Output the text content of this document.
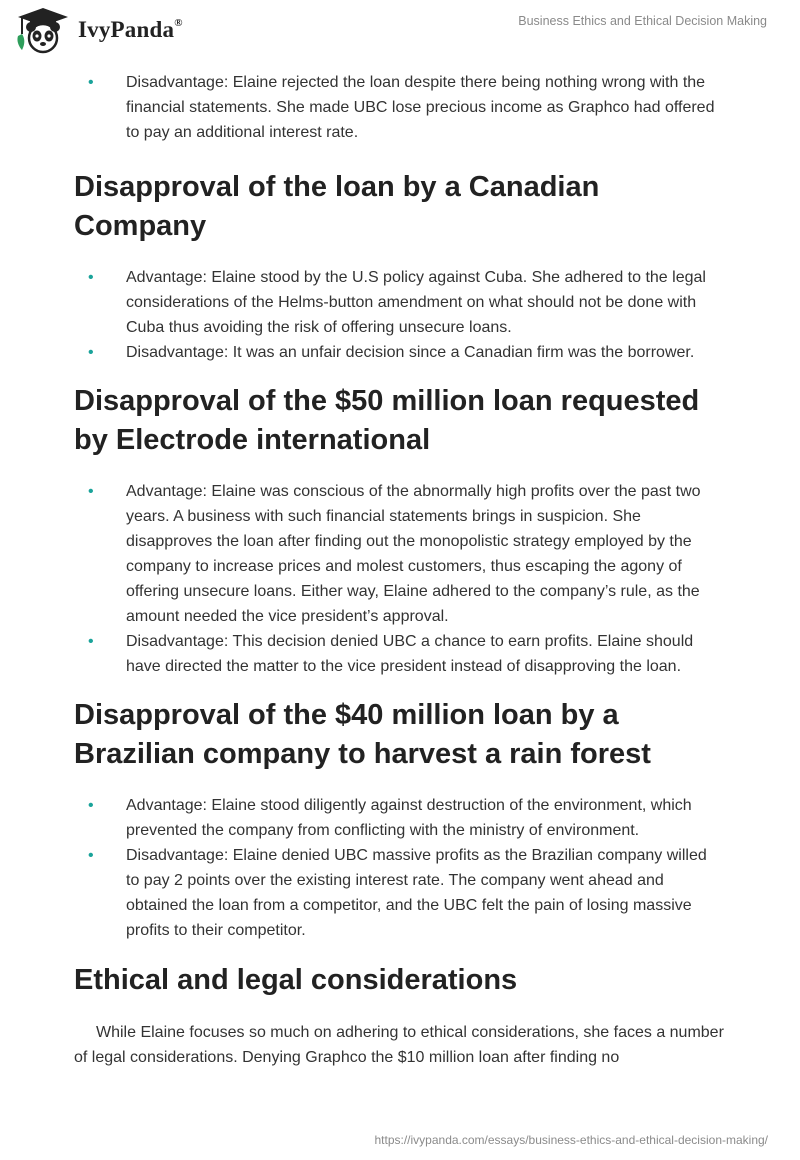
IvyPanda®	Business Ethics and Ethical Decision Making
• Disadvantage: Elaine rejected the loan despite there being nothing wrong with the financial statements. She made UBC lose precious income as Graphco had offered to pay an additional interest rate.
Disapproval of the loan by a Canadian Company
• Advantage: Elaine stood by the U.S policy against Cuba. She adhered to the legal considerations of the Helms-button amendment on what should not be done with Cuba thus avoiding the risk of offering unsecure loans.
• Disadvantage: It was an unfair decision since a Canadian firm was the borrower.
Disapproval of the $50 million loan requested by Electrode international
• Advantage: Elaine was conscious of the abnormally high profits over the past two years. A business with such financial statements brings in suspicion. She disapproves the loan after finding out the monopolistic strategy employed by the company to increase prices and molest customers, thus escaping the agony of offering unsecure loans. Either way, Elaine adhered to the company’s rule, as the amount needed the vice president’s approval.
• Disadvantage: This decision denied UBC a chance to earn profits. Elaine should have directed the matter to the vice president instead of disapproving the loan.
Disapproval of the $40 million loan by a Brazilian company to harvest a rain forest
• Advantage: Elaine stood diligently against destruction of the environment, which prevented the company from conflicting with the ministry of environment.
• Disadvantage: Elaine denied UBC massive profits as the Brazilian company willed to pay 2 points over the existing interest rate. The company went ahead and obtained the loan from a competitor, and the UBC felt the pain of losing massive profits to their competitor.
Ethical and legal considerations

While Elaine focuses so much on adhering to ethical considerations, she faces a number of legal considerations. Denying Graphco the $10 million loan after finding no

https://ivypanda.com/essays/business-ethics-and-ethical-decision-making/
